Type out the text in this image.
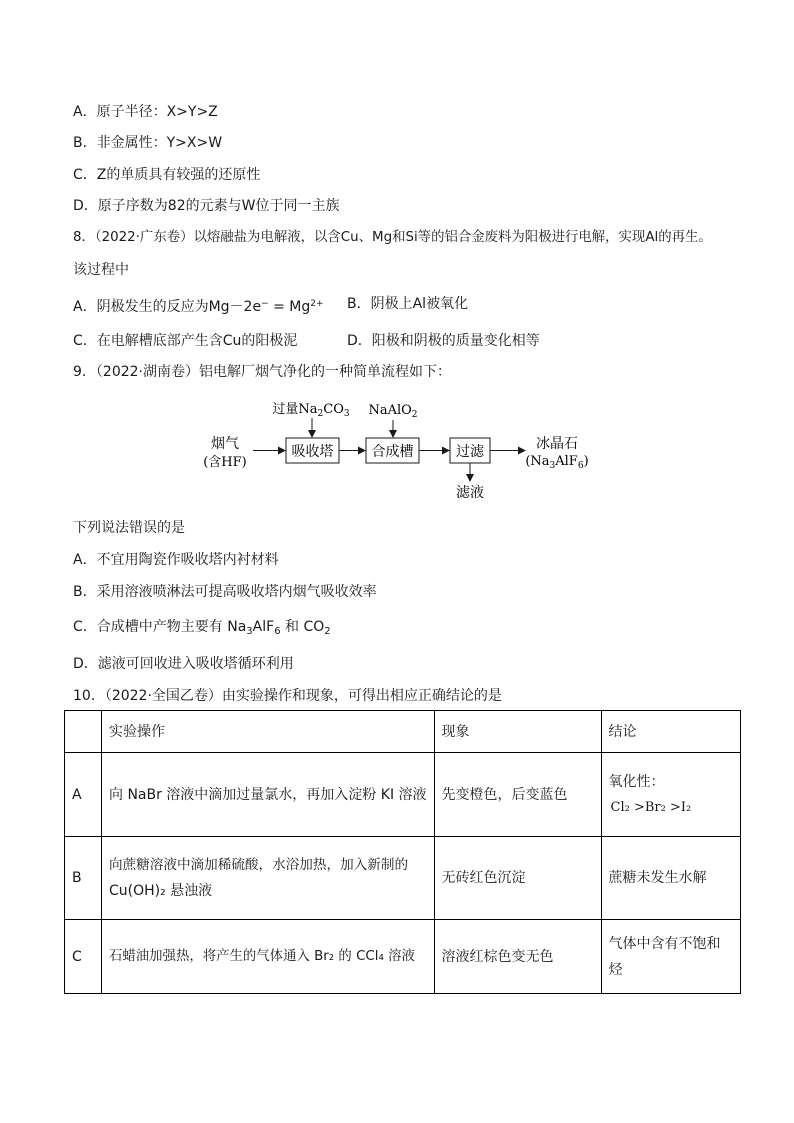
A．原子半径：X>Y>Z
B．非金属性：Y>X>W
C．Z的单质具有较强的还原性
D．原子序数为82的元素与W位于同一主族
8．（2022·广东卷）以熔融盐为电解液，以含Cu、Mg和Si等的铝合金废料为阳极进行电解，实现Al的再生。
该过程中
A．阴极发生的反应为$Mg-2e^- = Mg^{2+}$ B．阴极上Al被氧化
C．在电解槽底部产生含Cu的阳极泥	D．阳极和阴极的质量变化相等
9．（2022·湖南卷）铝电解厂烟气净化的一种简单流程如下：
烟气
(含HF)
过量$Na_2CO_3$ NaAlO$_2$
吸收塔	合成槽	过滤	冰晶石
$(Na_3AlF_6)$
滤液
下列说法错误的是
A．不宜用陶瓷作吸收塔内衬材料
B．采用溶液喷淋法可提高吸收塔内烟气吸收效率
C．合成槽中产物主要有 $Na_3AlF_6$ 和 $CO_2$
D．滤液可回收进入吸收塔循环利用
10．（2022·全国乙卷）由实验操作和现象，可得出相应正确结论的是
	实验操作	现象	结论
A	向 NaBr 溶液中滴加过量氯水，再加入淀粉 KI 溶液	先变橙色，后变蓝色	氧化性：
Cl₂ >Br₂ >I₂

B	向蔗糖溶液中滴加稀硫酸，水浴加热，加入新制的
Cu(OH)₂ 悬浊液	无砖红色沉淀	蔗糖未发生水解
C	石蜡油加强热，将产生的气体通入 Br₂ 的 CCl₄ 溶液	溶液红棕色变无色	气体中含有不饱和
烃
